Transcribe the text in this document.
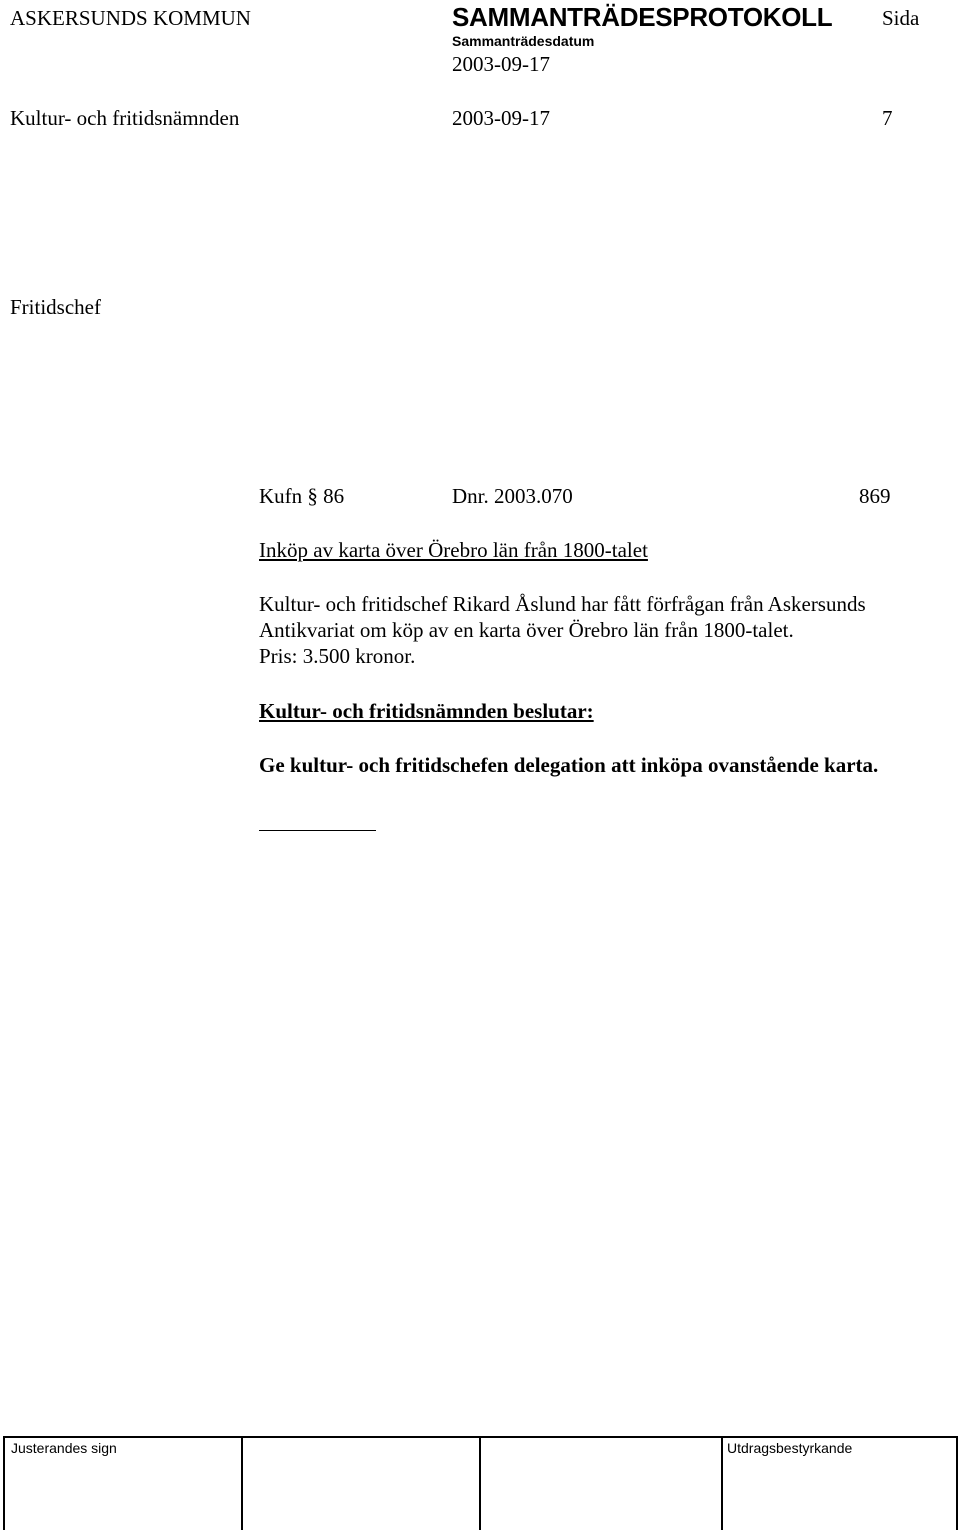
ASKERSUNDS KOMMUN	SAMMANTRÄDESPROTOKOLL Sida
Sammanträdesdatum
2003-09-17
Kultur- och fritidsnämnden	2003-09-17	7
Fritidschef
Kufn § 86	Dnr. 2003.070	869
Inköp av karta över Örebro län från 1800-talet
Kultur- och fritidschef Rikard Åslund har fått förfrågan från Askersunds
Antikvariat om köp av en karta över Örebro län från 1800-talet.
Pris: 3.500 kronor.
Kultur- och fritidsnämnden beslutar:
Ge kultur- och fritidschefen delegation att inköpa ovanstående karta.
Justerandes sign	Utdragsbestyrkande
